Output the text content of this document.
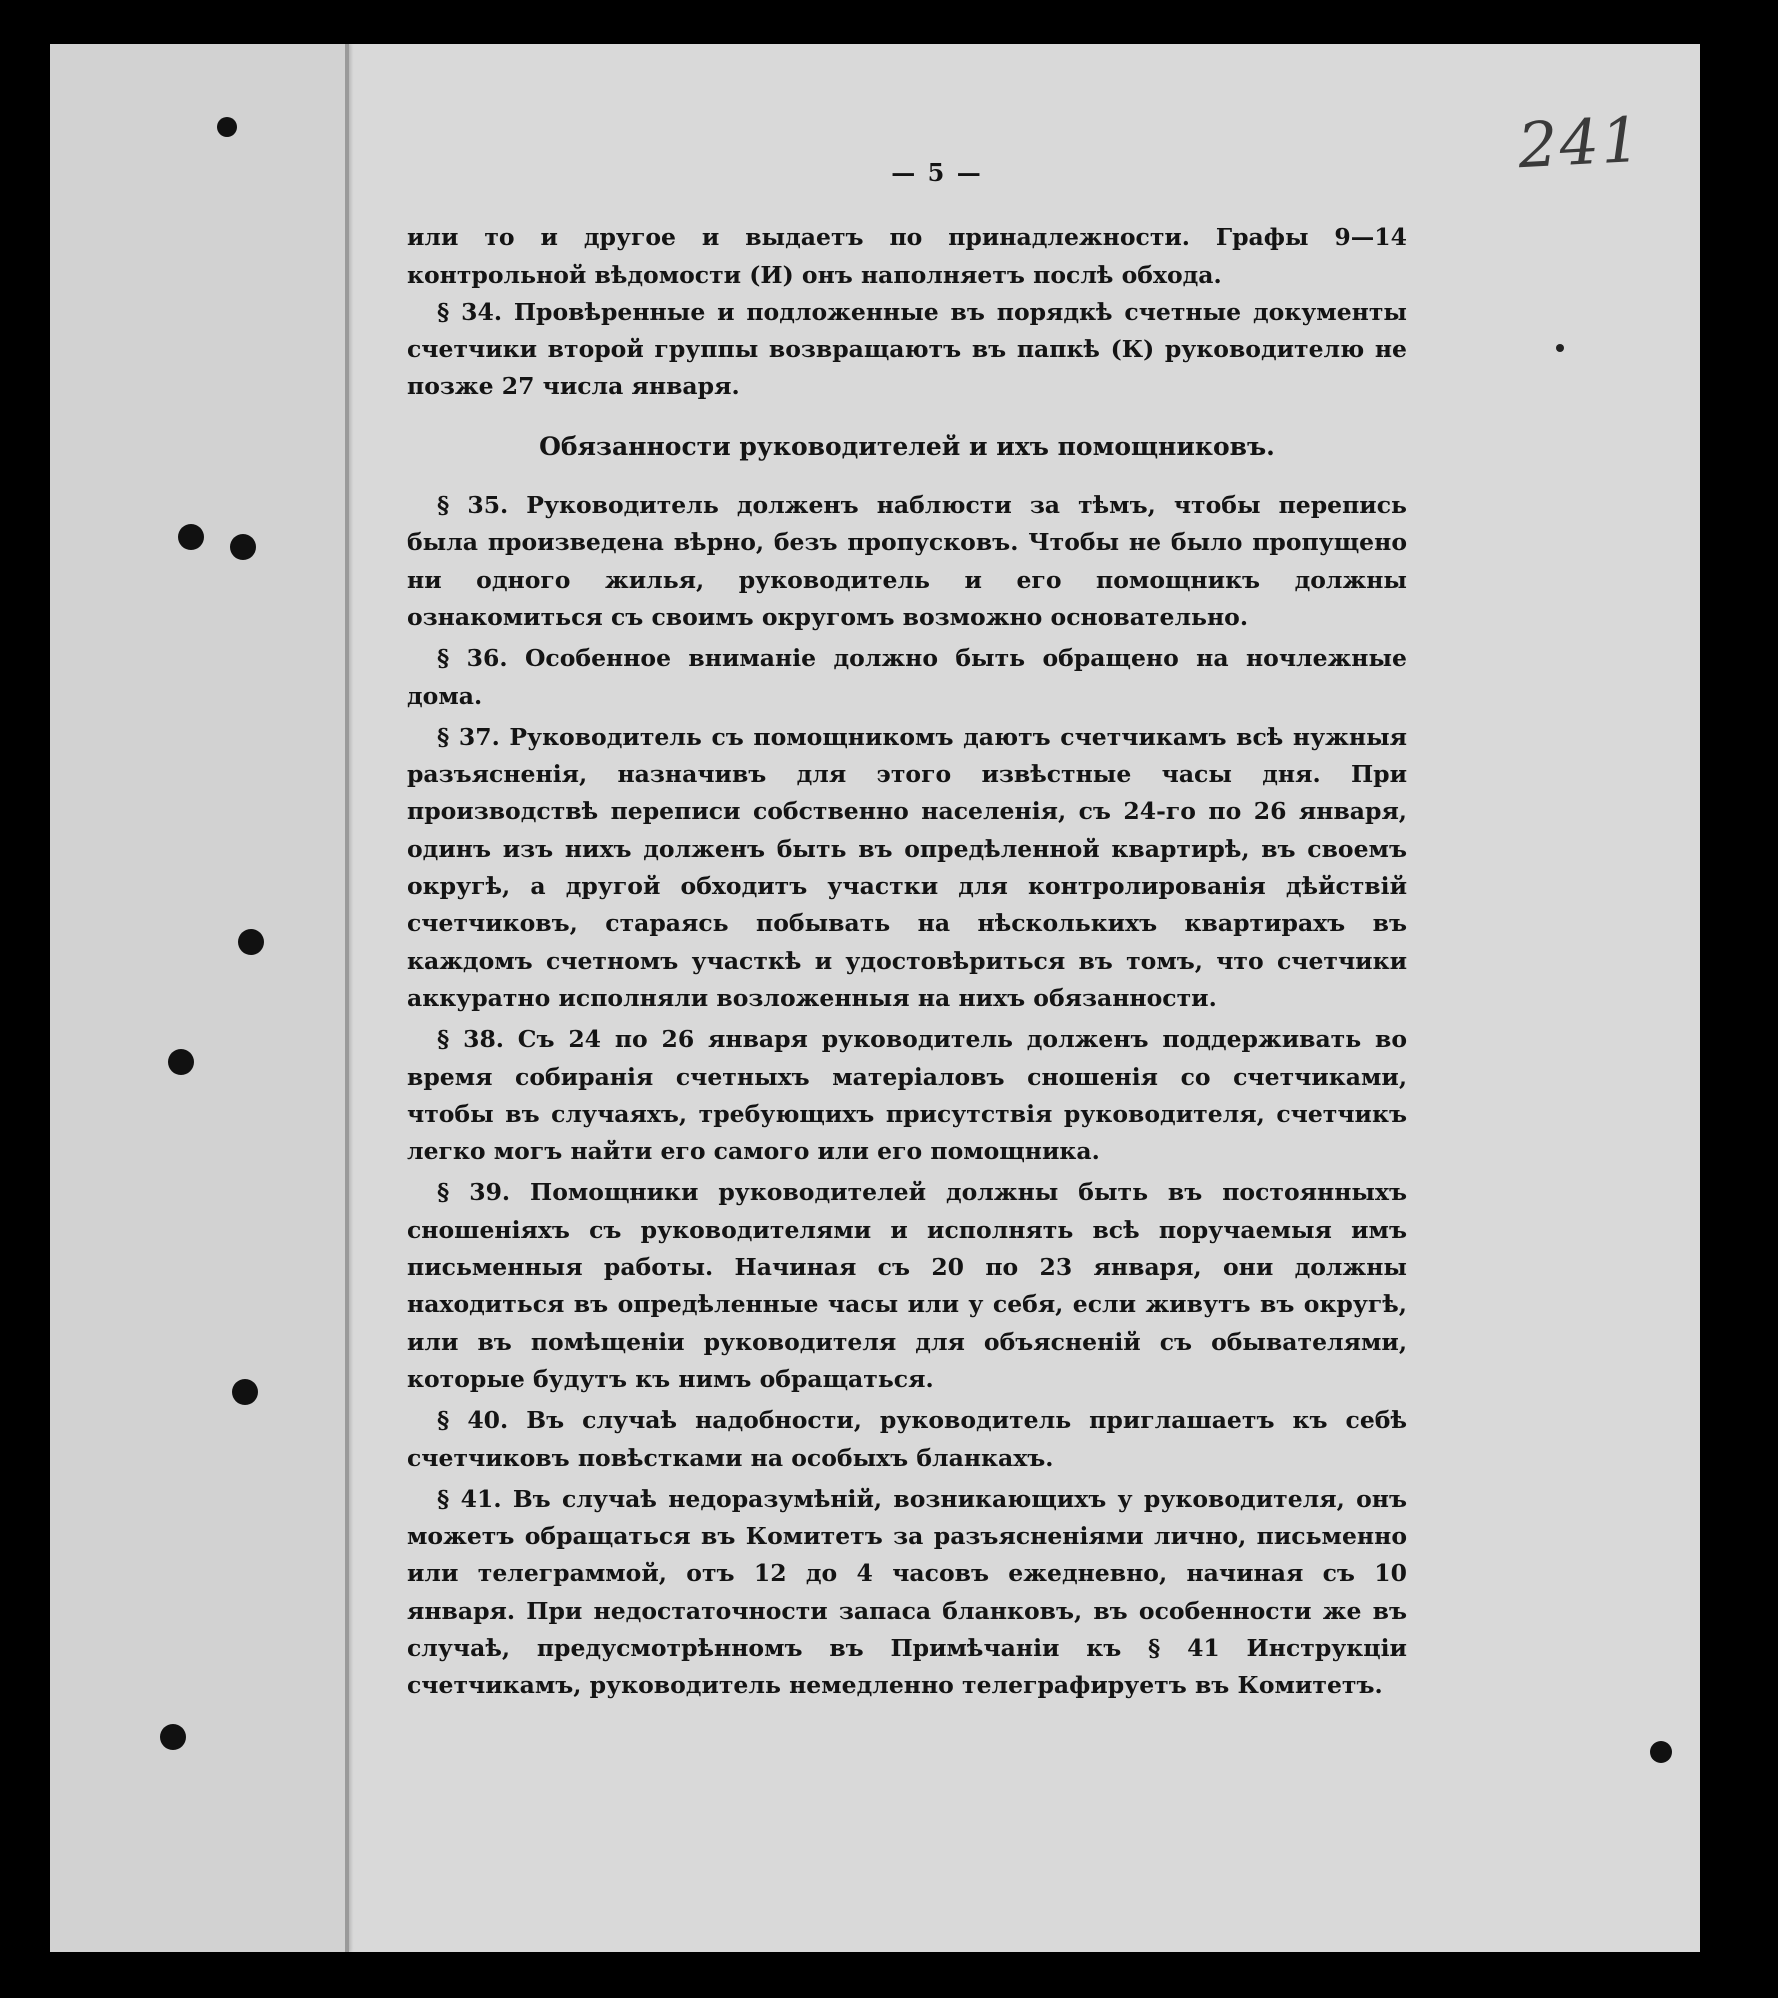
241
— 5 —

или то и другое и выдаетъ по принадлежности. Графы 9—14 контрольной вѣдомости (И) онъ наполняетъ послѣ обхода.

§ 34. Провѣренные и подложенные въ порядкѣ счетные документы счетчики второй группы возвращаютъ въ папкѣ (К) руководителю не позже 27 числа января.

Обязанности руководителей и ихъ помощниковъ.

§ 35. Руководитель долженъ наблюсти за тѣмъ, чтобы перепись была произведена вѣрно, безъ пропусковъ. Чтобы не было пропущено ни одного жилья, руководитель и его помощникъ должны ознакомиться съ своимъ округомъ возможно основательно.

§ 36. Особенное вниманіе должно быть обращено на ночлежные дома.

§ 37. Руководитель съ помощникомъ даютъ счетчикамъ всѣ нужныя разъясненія, назначивъ для этого извѣстные часы дня. При производствѣ переписи собственно населенія, съ 24-го по 26 января, одинъ изъ нихъ долженъ быть въ опредѣленной квартирѣ, въ своемъ округѣ, а другой обходитъ участки для контролированія дѣйствій счетчиковъ, стараясь побывать на нѣсколькихъ квартирахъ въ каждомъ счетномъ участкѣ и удостовѣриться въ томъ, что счетчики аккуратно исполняли возложенныя на нихъ обязанности.

§ 38. Съ 24 по 26 января руководитель долженъ поддерживать во время собиранія счетныхъ матеріаловъ сношенія со счетчиками, чтобы въ случаяхъ, требующихъ присутствія руководителя, счетчикъ легко могъ найти его самого или его помощника.

§ 39. Помощники руководителей должны быть въ постоянныхъ сношеніяхъ съ руководителями и исполнять всѣ поручаемыя имъ письменныя работы. Начиная съ 20 по 23 января, они должны находиться въ опредѣленные часы или у себя, если живутъ въ округѣ, или въ помѣщеніи руководителя для объясненій съ обывателями, которые будутъ къ нимъ обращаться.

§ 40. Въ случаѣ надобности, руководитель приглашаетъ къ себѣ счетчиковъ повѣстками на особыхъ бланкахъ.

§ 41. Въ случаѣ недоразумѣній, возникающихъ у руководителя, онъ можетъ обращаться въ Комитетъ за разъясненіями лично, письменно или телеграммой, отъ 12 до 4 часовъ ежедневно, начиная съ 10 января. При недостаточности запаса бланковъ, въ особенности же въ случаѣ, предусмотрѣнномъ въ Примѣчаніи къ § 41 Инструкціи счетчикамъ, руководитель немедленно телеграфируетъ въ Комитетъ.
